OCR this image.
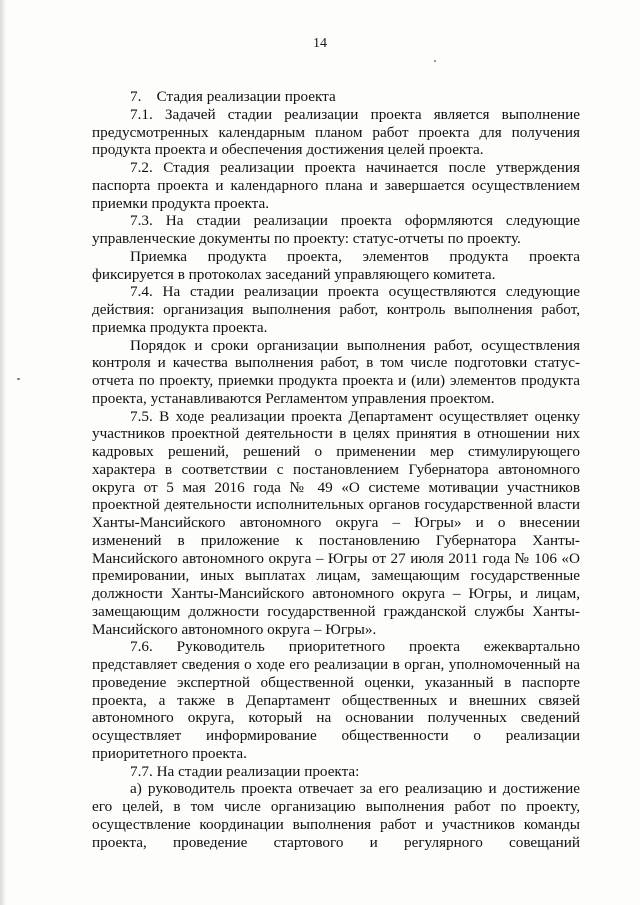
14

7. Стадия реализации проекта

7.1. Задачей стадии реализации проекта является выполнение предусмотренных календарным планом работ проекта для получения продукта проекта и обеспечения достижения целей проекта.

7.2. Стадия реализации проекта начинается после утверждения паспорта проекта и календарного плана и завершается осуществлением приемки продукта проекта.

7.3. На стадии реализации проекта оформляются следующие управленческие документы по проекту: статус-отчеты по проекту.

Приемка продукта проекта, элементов продукта проекта фиксируется в протоколах заседаний управляющего комитета.

7.4. На стадии реализации проекта осуществляются следующие действия: организация выполнения работ, контроль выполнения работ, приемка продукта проекта.

Порядок и сроки организации выполнения работ, осуществления контроля и качества выполнения работ, в том числе подготовки статус-отчета по проекту, приемки продукта проекта и (или) элементов продукта проекта, устанавливаются Регламентом управления проектом.

7.5. В ходе реализации проекта Департамент осуществляет оценку участников проектной деятельности в целях принятия в отношении них кадровых решений, решений о применении мер стимулирующего характера в соответствии с постановлением Губернатора автономного округа от 5 мая 2016 года № 49 «О системе мотивации участников проектной деятельности исполнительных органов государственной власти Ханты-Мансийского автономного округа – Югры» и о внесении изменений в приложение к постановлению Губернатора Ханты-Мансийского автономного округа – Югры от 27 июля 2011 года № 106 «О премировании, иных выплатах лицам, замещающим государственные должности Ханты-Мансийского автономного округа – Югры, и лицам, замещающим должности государственной гражданской службы Ханты-Мансийского автономного округа – Югры».

7.6. Руководитель приоритетного проекта ежеквартально представляет сведения о ходе его реализации в орган, уполномоченный на проведение экспертной общественной оценки, указанный в паспорте проекта, а также в Департамент общественных и внешних связей автономного округа, который на основании полученных сведений осуществляет информирование общественности о реализации приоритетного проекта.

7.7. На стадии реализации проекта:

а) руководитель проекта отвечает за его реализацию и достижение его целей, в том числе организацию выполнения работ по проекту, осуществление координации выполнения работ и участников команды проекта, проведение стартового и регулярного совещаний
